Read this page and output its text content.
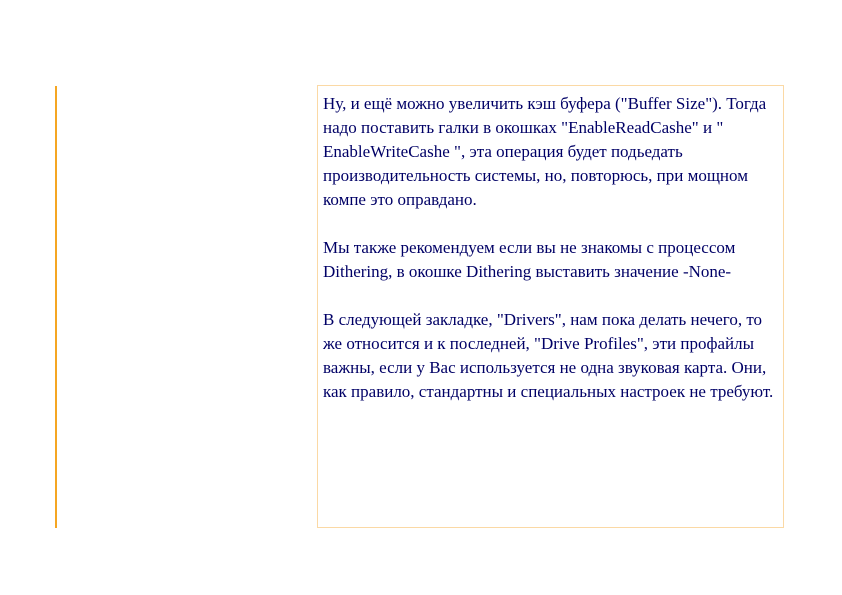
Ну, и ещё можно увеличить кэш буфера ("Buffer Size"). Тогда надо поставить галки в окошках "EnableReadCashe" и " EnableWriteCashe ", эта операция будет подьедать производительность системы, но, повторюсь, при мощном компе это оправдано.

Мы также рекомендуем если вы не знакомы с процессом Dithering, в окошке Dithering выставить значение -None-

В следующей закладке, "Drivers", нам пока делать нечего, то же относится и к последней, "Drive Profiles", эти профайлы важны, если у Вас используется не одна звуковая карта. Они, как правило, стандартны и специальных настроек не требуют.
